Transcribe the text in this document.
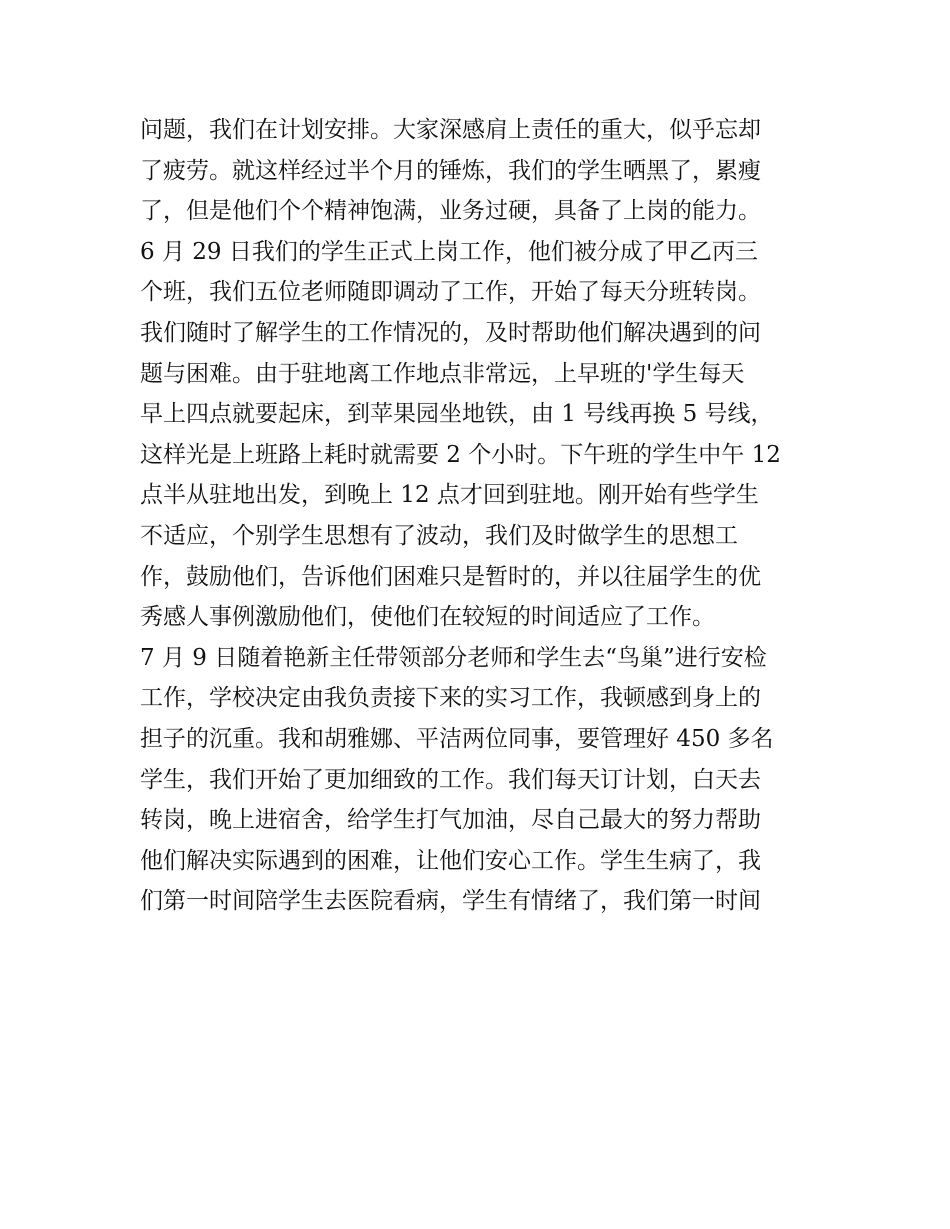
问题，我们在计划安排。大家深感肩上责任的重大，似乎忘却
了疲劳。就这样经过半个月的锤炼，我们的学生晒黑了，累瘦
了，但是他们个个精神饱满，业务过硬，具备了上岗的能力。
6 月 29 日我们的学生正式上岗工作，他们被分成了甲乙丙三
个班，我们五位老师随即调动了工作，开始了每天分班转岗。
我们随时了解学生的工作情况的，及时帮助他们解决遇到的问
题与困难。由于驻地离工作地点非常远，上早班的'学生每天
早上四点就要起床，到苹果园坐地铁，由 1 号线再换 5 号线，
这样光是上班路上耗时就需要 2 个小时。下午班的学生中午 12
点半从驻地出发，到晚上 12 点才回到驻地。刚开始有些学生
不适应，个别学生思想有了波动，我们及时做学生的思想工
作，鼓励他们，告诉他们困难只是暂时的，并以往届学生的优
秀感人事例激励他们，使他们在较短的时间适应了工作。
7 月 9 日随着艳新主任带领部分老师和学生去“鸟巢”进行安检
工作，学校决定由我负责接下来的实习工作，我顿感到身上的
担子的沉重。我和胡雅娜、平洁两位同事，要管理好 450 多名
学生，我们开始了更加细致的工作。我们每天订计划，白天去
转岗，晚上进宿舍，给学生打气加油，尽自己最大的努力帮助
他们解决实际遇到的困难，让他们安心工作。学生生病了，我
们第一时间陪学生去医院看病，学生有情绪了，我们第一时间
